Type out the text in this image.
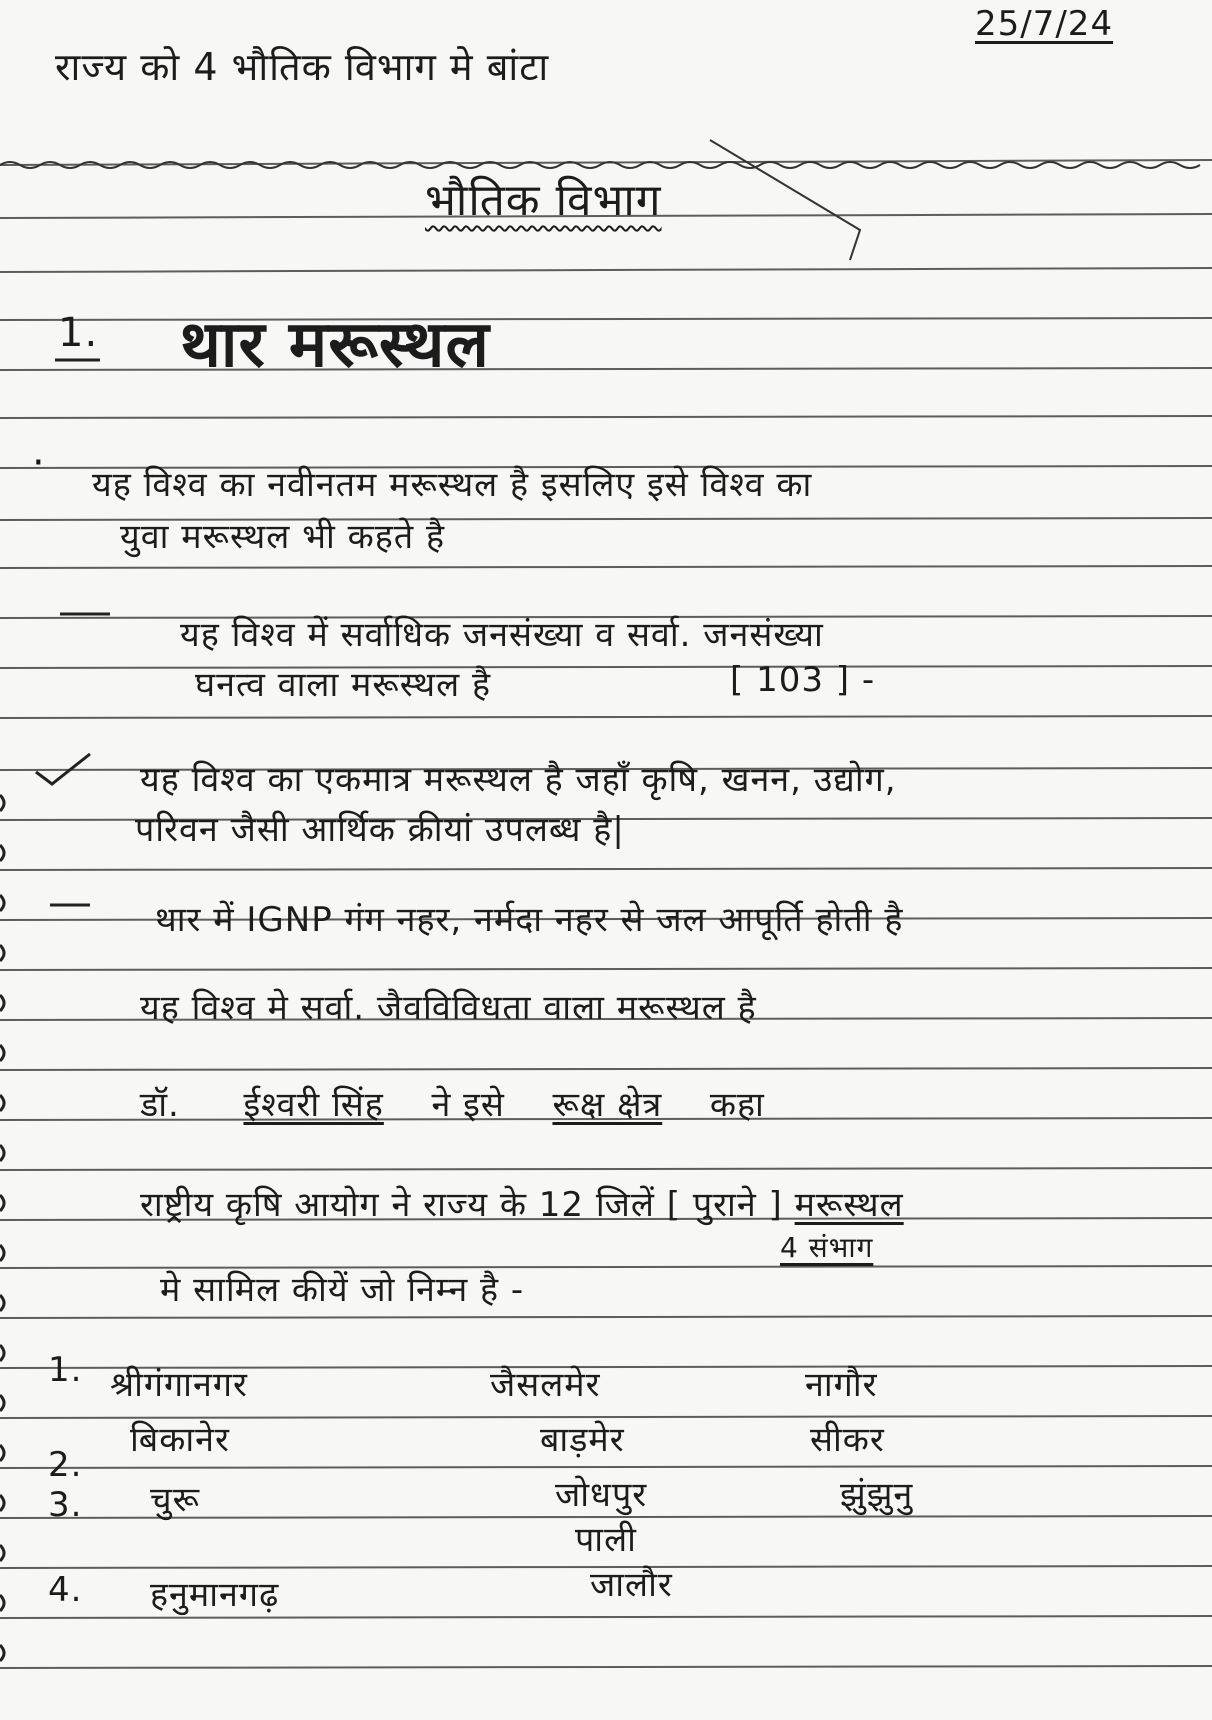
राज्य को 4 भौतिक विभाग मे बांटा
25/7/24
भौतिक विभाग
1. थार मरूस्थल
· यह विश्व का नवीनतम मरूस्थल है इसलिए इसे विश्व का
युवा मरूस्थल भी कहते है
यह विश्व में सर्वाधिक जनसंख्या व सर्वा. जनसंख्या
घनत्व वाला मरूस्थल है	[ 103 ] -
यह विश्व का एकमात्र मरूस्थल है जहाँ कृषि, खनन, उद्योग,
परिवन जैसी आर्थिक क्रीयां उपलब्ध है|
थार में IGNP गंग नहर, नर्मदा नहर से जल आपूर्ति होती है
यह विश्व मे सर्वा. जैवविविधता वाला मरूस्थल है
डॉ. ईश्वरी सिंह ने इसे रूक्ष क्षेत्र कहा
राष्ट्रीय कृषि आयोग ने राज्य के 12 जिलें [ पुराने ] मरूस्थल
4 संभाग
मे सामिल कीयें जो निम्न है -
1.
2.
3.
4.
श्रीगंगानगर
बिकानेर
चुरू
हनुमानगढ़
जैसलमेर
बाड़मेर
जोधपुर
पाली
जालौर
नागौर
सीकर
झुंझुनु
